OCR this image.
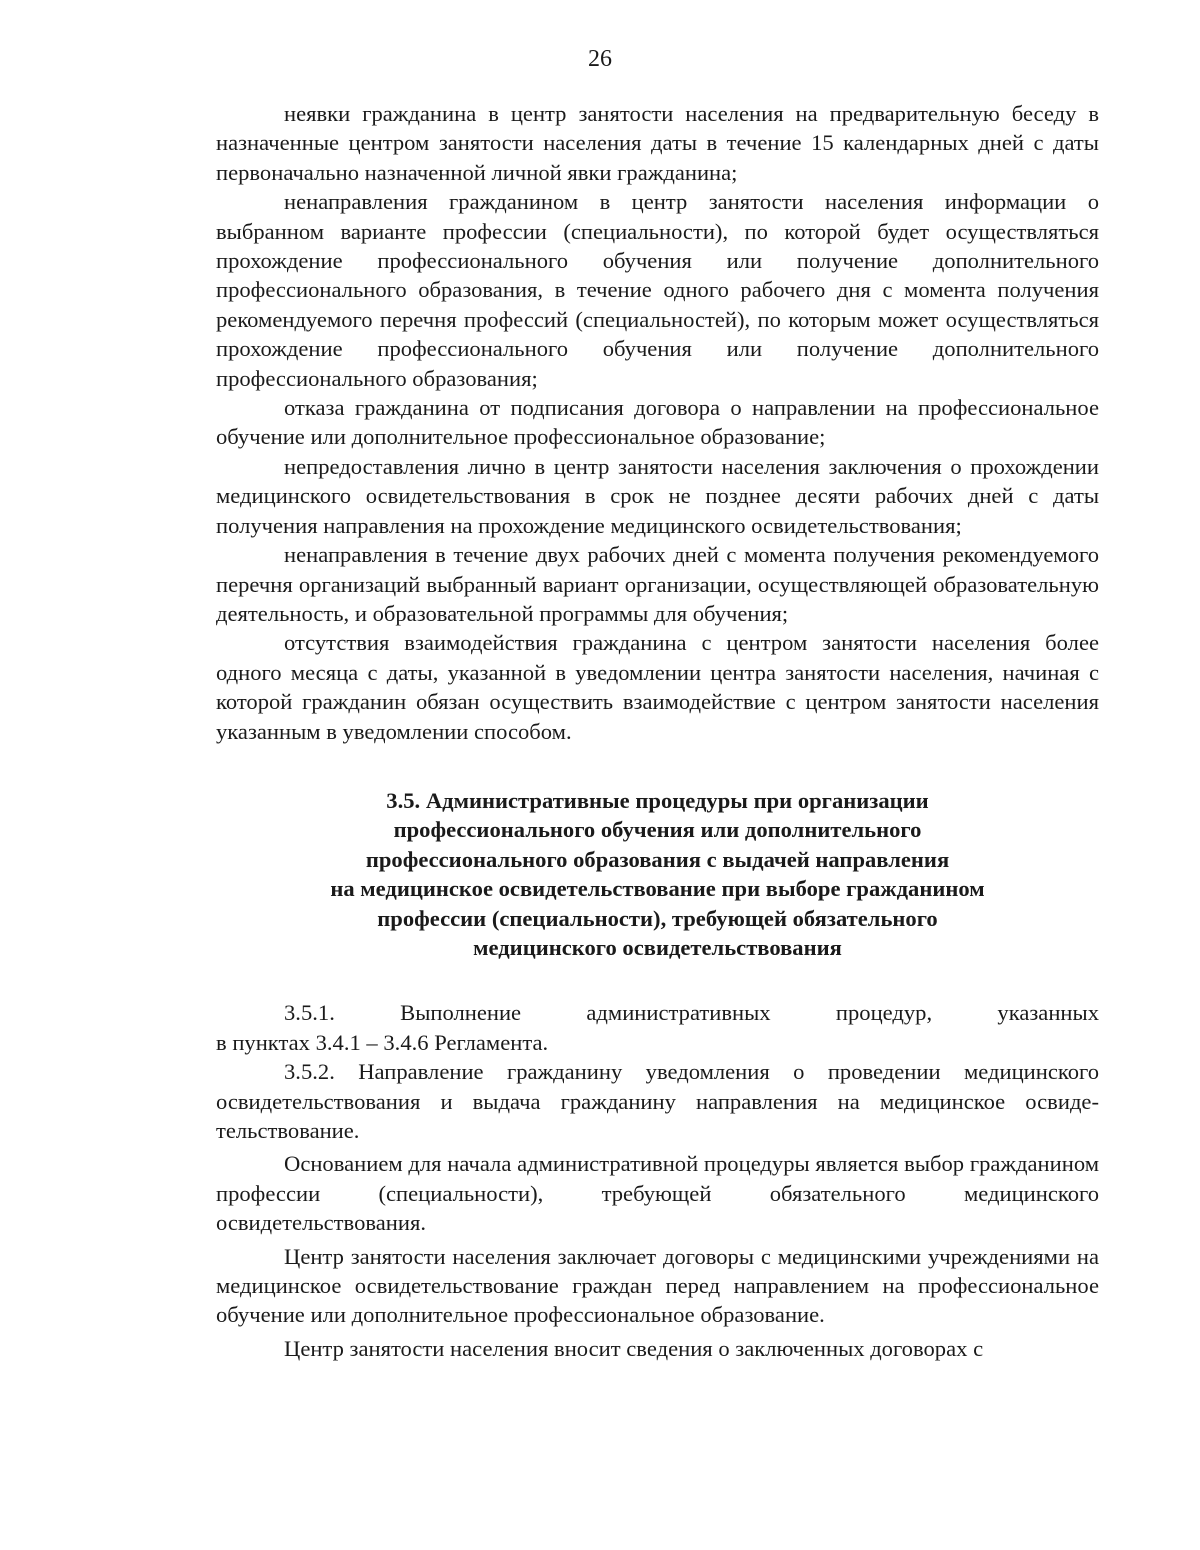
26

неявки гражданина в центр занятости населения на предварительную беседу в назначенные центром занятости населения даты в течение 15 календарных дней с даты первоначально назначенной личной явки гражданина;

ненаправления гражданином в центр занятости населения информации о выбранном варианте профессии (специальности), по которой будет осуществляться прохождение профессионального обучения или получение дополнительного профессионального образования, в течение одного рабочего дня с момента получения рекомендуемого перечня профессий (специальностей), по которым может осуществляться прохождение профессионального обучения или получение дополнительного профессионального образования;

отказа гражданина от подписания договора о направлении на профессиональное обучение или дополнительное профессиональное образование;

непредоставления лично в центр занятости населения заключения о прохождении медицинского освидетельствования в срок не позднее десяти рабочих дней с даты получения направления на прохождение медицинского освидетельствования;

ненаправления в течение двух рабочих дней с момента получения рекомендуемого перечня организаций выбранный вариант организации, осуществляющей образовательную деятельность, и образовательной программы для обучения;

отсутствия взаимодействия гражданина с центром занятости населения более одного месяца с даты, указанной в уведомлении центра занятости населения, начиная с которой гражданин обязан осуществить взаимодействие с центром занятости населения указанным в уведомлении способом.

3.5. Административные процедуры при организации
профессионального обучения или дополнительного
профессионального образования с выдачей направления
на медицинское освидетельствование при выборе гражданином
профессии (специальности), требующей обязательного
медицинского освидетельствования

3.5.1. Выполнение административных процедур, указанных

в пунктах 3.4.1 – 3.4.6 Регламента.

3.5.2. Направление гражданину уведомления о проведении медицинского освидетельствования и выдача гражданину направления на медицинское освидетельствование.

Основанием для начала административной процедуры является выбор гражданином профессии (специальности), требующей обязательного медицинского освидетельствования.

Центр занятости населения заключает договоры с медицинскими учреждениями на медицинское освидетельствование граждан перед направлением на профессиональное обучение или дополнительное профессиональное образование.

Центр занятости населения вносит сведения о заключенных договорах с
